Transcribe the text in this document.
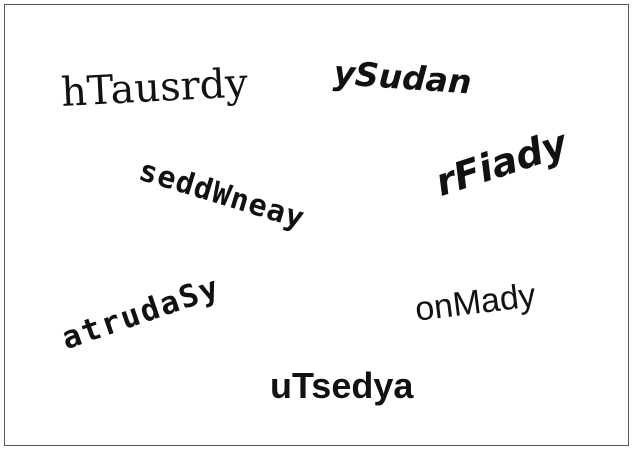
hTausrdy	ySudan
seddWneay	rFiady
atrudaSy	onMady
uTsedya
